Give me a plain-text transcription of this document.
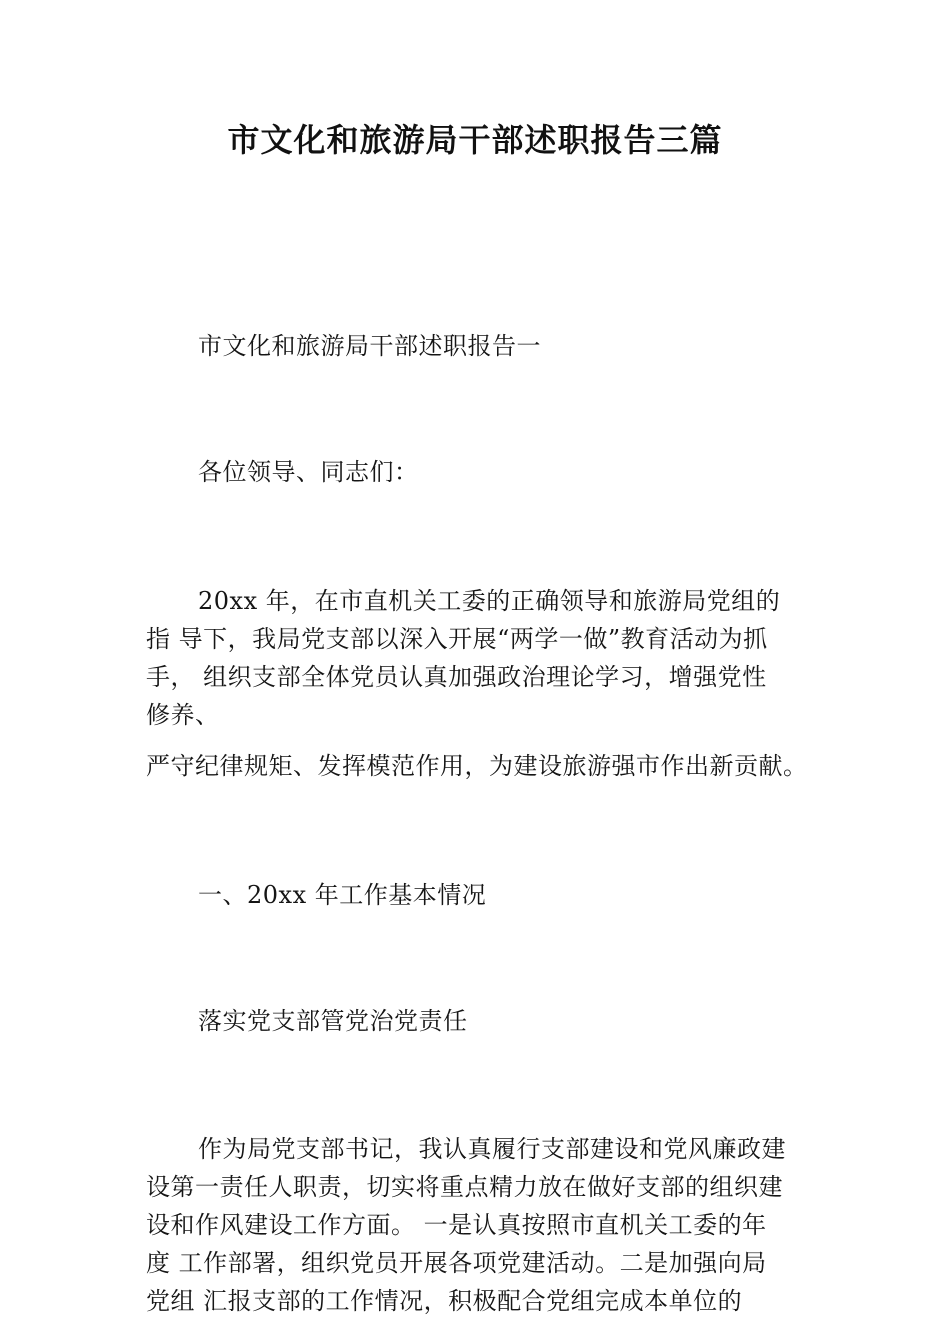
市文化和旅游局干部述职报告三篇
市文化和旅游局干部述职报告一
各位领导、同志们：
20xx 年，在市直机关工委的正确领导和旅游局党组的
指 导下，我局党支部以深入开展“两学一做”教育活动为抓
手， 组织支部全体党员认真加强政治理论学习，增强党性
修养、
严守纪律规矩、发挥模范作用，为建设旅游强市作出新贡献。
一、20xx 年工作基本情况
落实党支部管党治党责任
作为局党支部书记，我认真履行支部建设和党风廉政建
设第一责任人职责，切实将重点精力放在做好支部的组织建
设和作风建设工作方面。 一是认真按照市直机关工委的年
度 工作部署，组织党员开展各项党建活动。二是加强向局
党组 汇报支部的工作情况，积极配合党组完成本单位的
